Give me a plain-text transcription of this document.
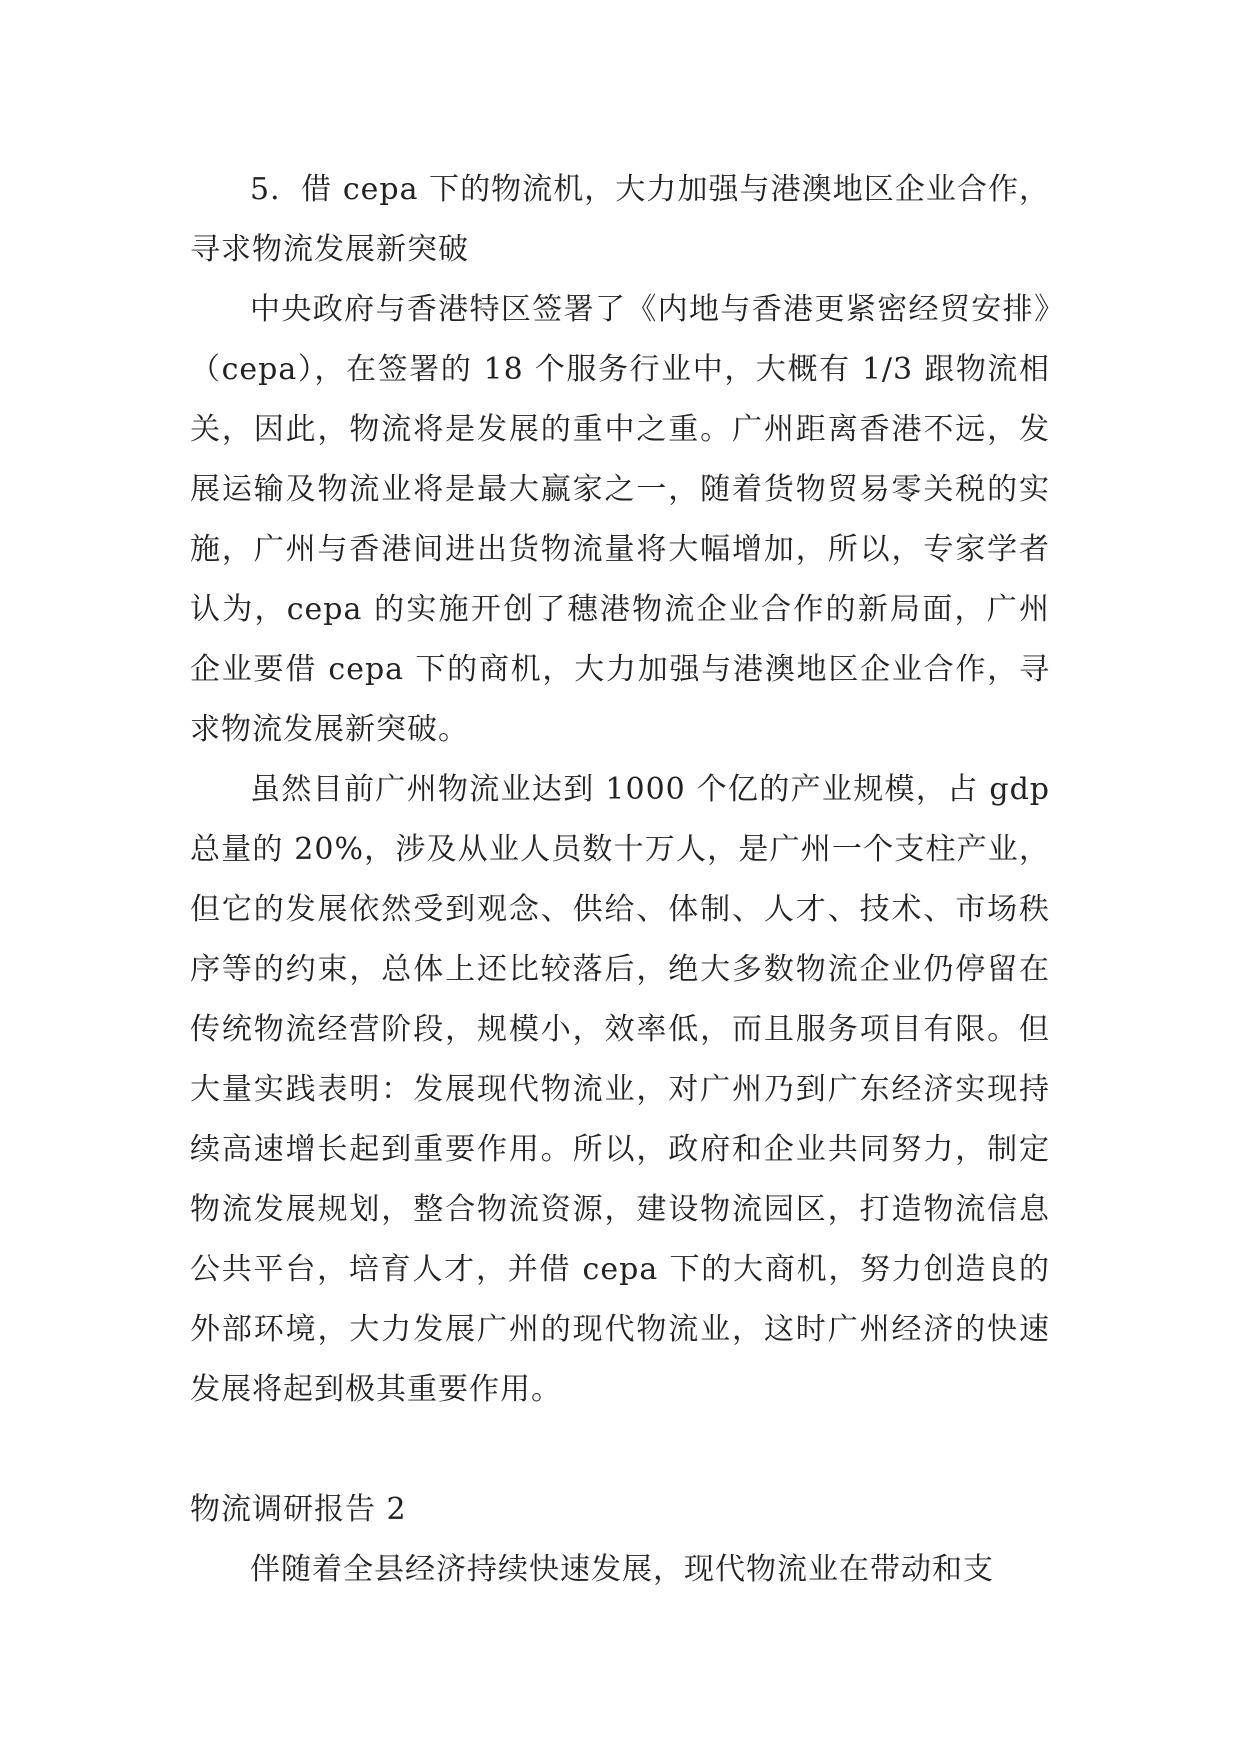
5．借 cepa 下的物流机，大力加强与港澳地区企业合作，寻求物流发展新突破

中央政府与香港特区签署了《内地与香港更紧密经贸安排》（cepa），在签署的 18 个服务行业中，大概有 1/3 跟物流相关，因此，物流将是发展的重中之重。广州距离香港不远，发展运输及物流业将是最大赢家之一，随着货物贸易零关税的实施，广州与香港间进出货物流量将大幅增加，所以，专家学者认为，cepa 的实施开创了穗港物流企业合作的新局面，广州企业要借 cepa 下的商机，大力加强与港澳地区企业合作，寻求物流发展新突破。

虽然目前广州物流业达到 1000 个亿的产业规模，占 gdp 总量的 20%，涉及从业人员数十万人，是广州一个支柱产业，但它的发展依然受到观念、供给、体制、人才、技术、市场秩序等的约束，总体上还比较落后，绝大多数物流企业仍停留在传统物流经营阶段，规模小，效率低，而且服务项目有限。但大量实践表明：发展现代物流业，对广州乃到广东经济实现持续高速增长起到重要作用。所以，政府和企业共同努力，制定物流发展规划，整合物流资源，建设物流园区，打造物流信息公共平台，培育人才，并借 cepa 下的大商机，努力创造良的外部环境，大力发展广州的现代物流业，这时广州经济的快速发展将起到极其重要作用。

物流调研报告 2

伴随着全县经济持续快速发展，现代物流业在带动和支
